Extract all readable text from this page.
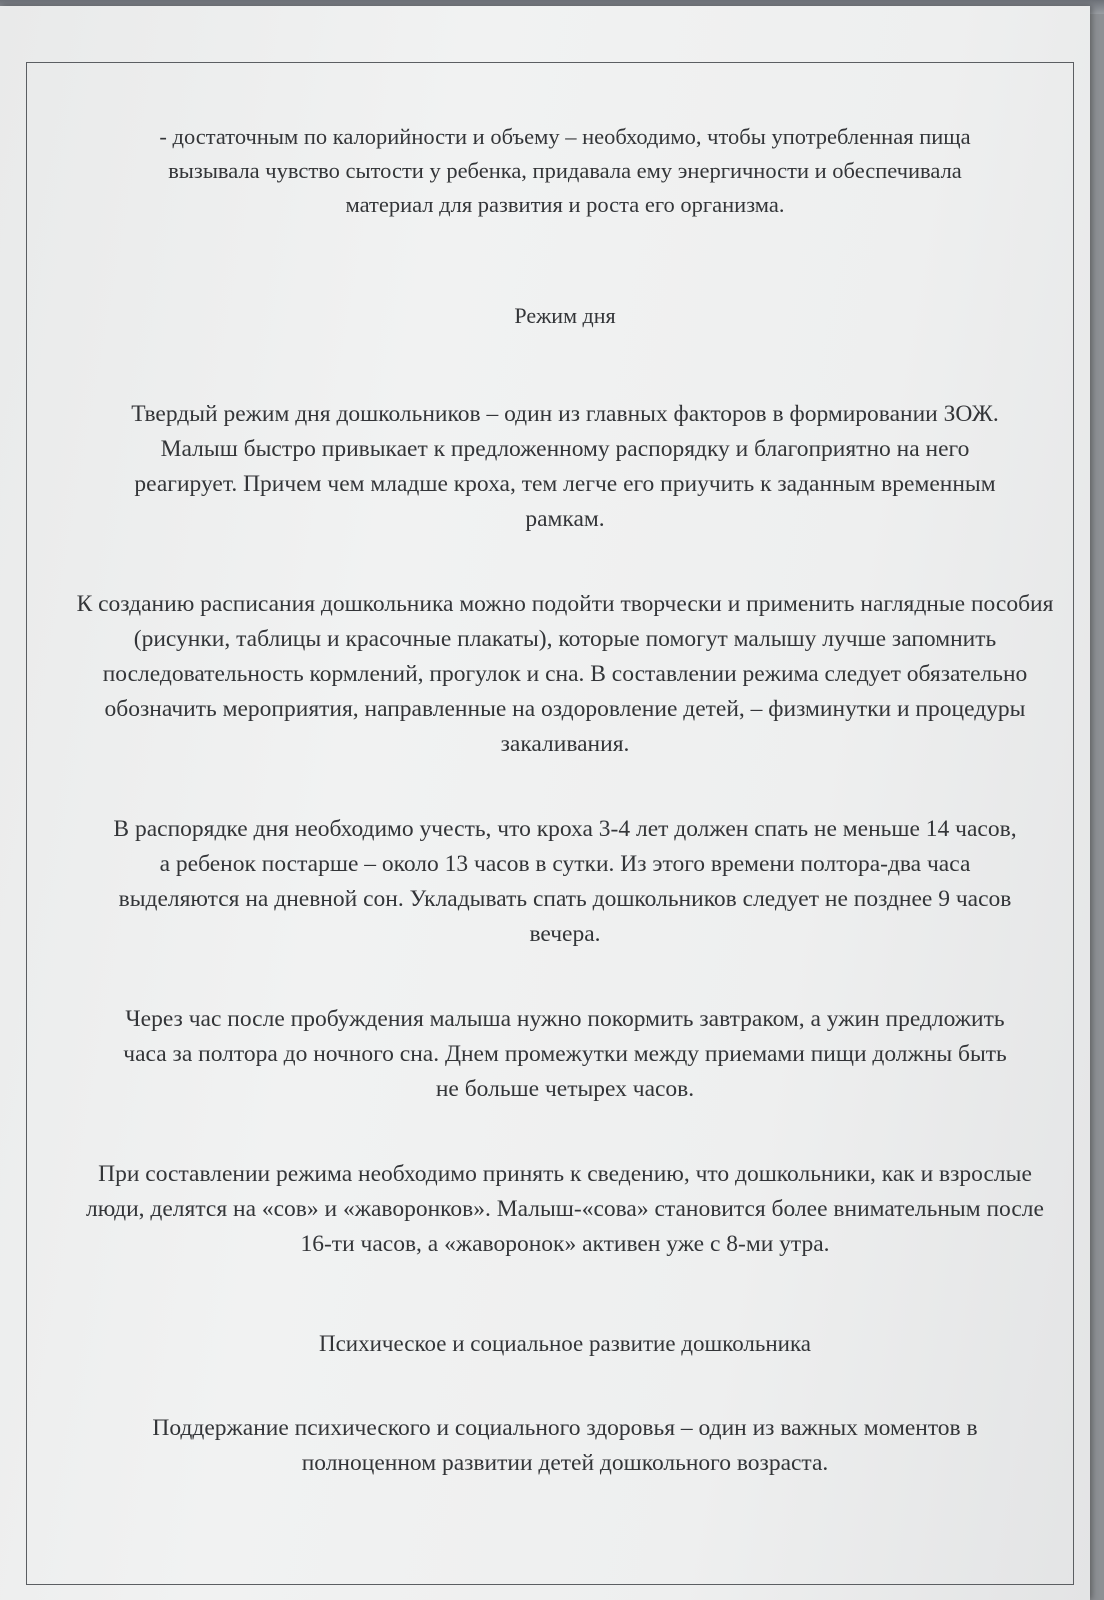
- достаточным по калорийности и объему – необходимо, чтобы употребленная пища вызывала чувство сытости у ребенка, придавала ему энергичности и обеспечивала материал для развития и роста его организма.

Режим дня

Твердый режим дня дошкольников – один из главных факторов в формировании ЗОЖ. Малыш быстро привыкает к предложенному распорядку и благоприятно на него реагирует. Причем чем младше кроха, тем легче его приучить к заданным временным рамкам.

К созданию расписания дошкольника можно подойти творчески и применить наглядные пособия (рисунки, таблицы и красочные плакаты), которые помогут малышу лучше запомнить последовательность кормлений, прогулок и сна. В составлении режима следует обязательно обозначить мероприятия, направленные на оздоровление детей, – физминутки и процедуры закаливания.

В распорядке дня необходимо учесть, что кроха 3-4 лет должен спать не меньше 14 часов, а ребенок постарше – около 13 часов в сутки. Из этого времени полтора-два часа выделяются на дневной сон. Укладывать спать дошкольников следует не позднее 9 часов вечера.

Через час после пробуждения малыша нужно покормить завтраком, а ужин предложить часа за полтора до ночного сна. Днем промежутки между приемами пищи должны быть не больше четырех часов.

При составлении режима необходимо принять к сведению, что дошкольники, как и взрослые люди, делятся на «сов» и «жаворонков». Малыш-«сова» становится более внимательным после 16-ти часов, а «жаворонок» активен уже с 8-ми утра.

Психическое и социальное развитие дошкольника

Поддержание психического и социального здоровья – один из важных моментов в полноценном развитии детей дошкольного возраста.
